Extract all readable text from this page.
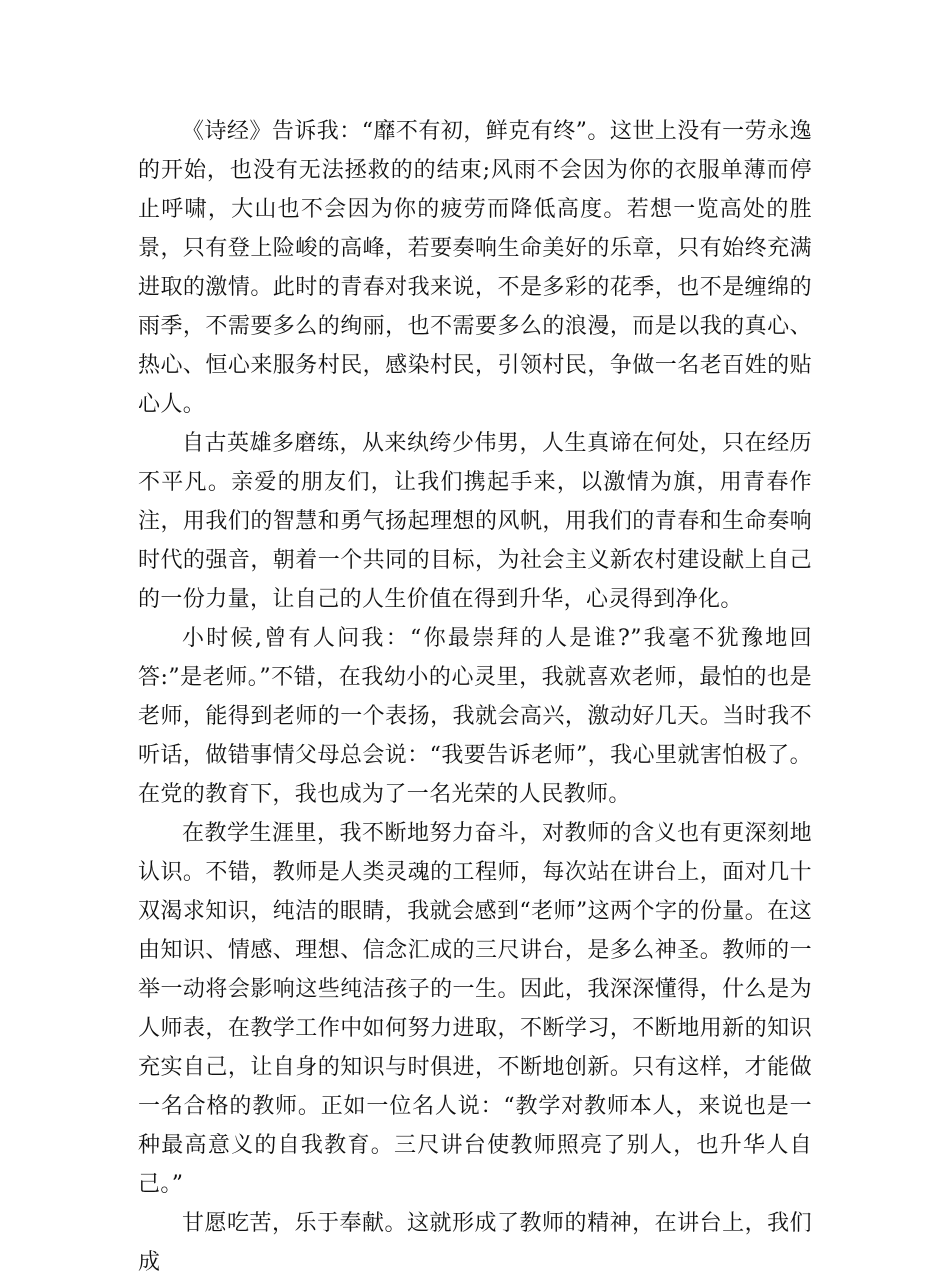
《诗经》告诉我：“靡不有初，鲜克有终”。这世上没有一劳永逸的开始，也没有无法拯救的的结束;风雨不会因为你的衣服单薄而停止呼啸，大山也不会因为你的疲劳而降低高度。若想一览高处的胜景，只有登上险峻的高峰，若要奏响生命美好的乐章，只有始终充满进取的激情。此时的青春对我来说，不是多彩的花季，也不是缠绵的雨季，不需要多么的绚丽，也不需要多么的浪漫，而是以我的真心、热心、恒心来服务村民，感染村民，引领村民，争做一名老百姓的贴心人。

自古英雄多磨练，从来纨绔少伟男，人生真谛在何处，只在经历不平凡。亲爱的朋友们，让我们携起手来，以激情为旗，用青春作注，用我们的智慧和勇气扬起理想的风帆，用我们的青春和生命奏响时代的强音，朝着一个共同的目标，为社会主义新农村建设献上自己的一份力量，让自己的人生价值在得到升华，心灵得到净化。

小时候,曾有人问我：“你最崇拜的人是谁?”我毫不犹豫地回答:”是老师。”不错，在我幼小的心灵里，我就喜欢老师，最怕的也是老师，能得到老师的一个表扬，我就会高兴，激动好几天。当时我不听话，做错事情父母总会说：“我要告诉老师”，我心里就害怕极了。在党的教育下，我也成为了一名光荣的人民教师。

在教学生涯里，我不断地努力奋斗，对教师的含义也有更深刻地认识。不错，教师是人类灵魂的工程师，每次站在讲台上，面对几十双渴求知识，纯洁的眼睛，我就会感到“老师”这两个字的份量。在这由知识、情感、理想、信念汇成的三尺讲台，是多么神圣。教师的一举一动将会影响这些纯洁孩子的一生。因此，我深深懂得，什么是为人师表，在教学工作中如何努力进取，不断学习，不断地用新的知识充实自己，让自身的知识与时俱进，不断地创新。只有这样，才能做一名合格的教师。正如一位名人说：“教学对教师本人，来说也是一种最高意义的自我教育。三尺讲台使教师照亮了别人，也升华人自己。”

甘愿吃苦，乐于奉献。这就形成了教师的精神，在讲台上，我们成
